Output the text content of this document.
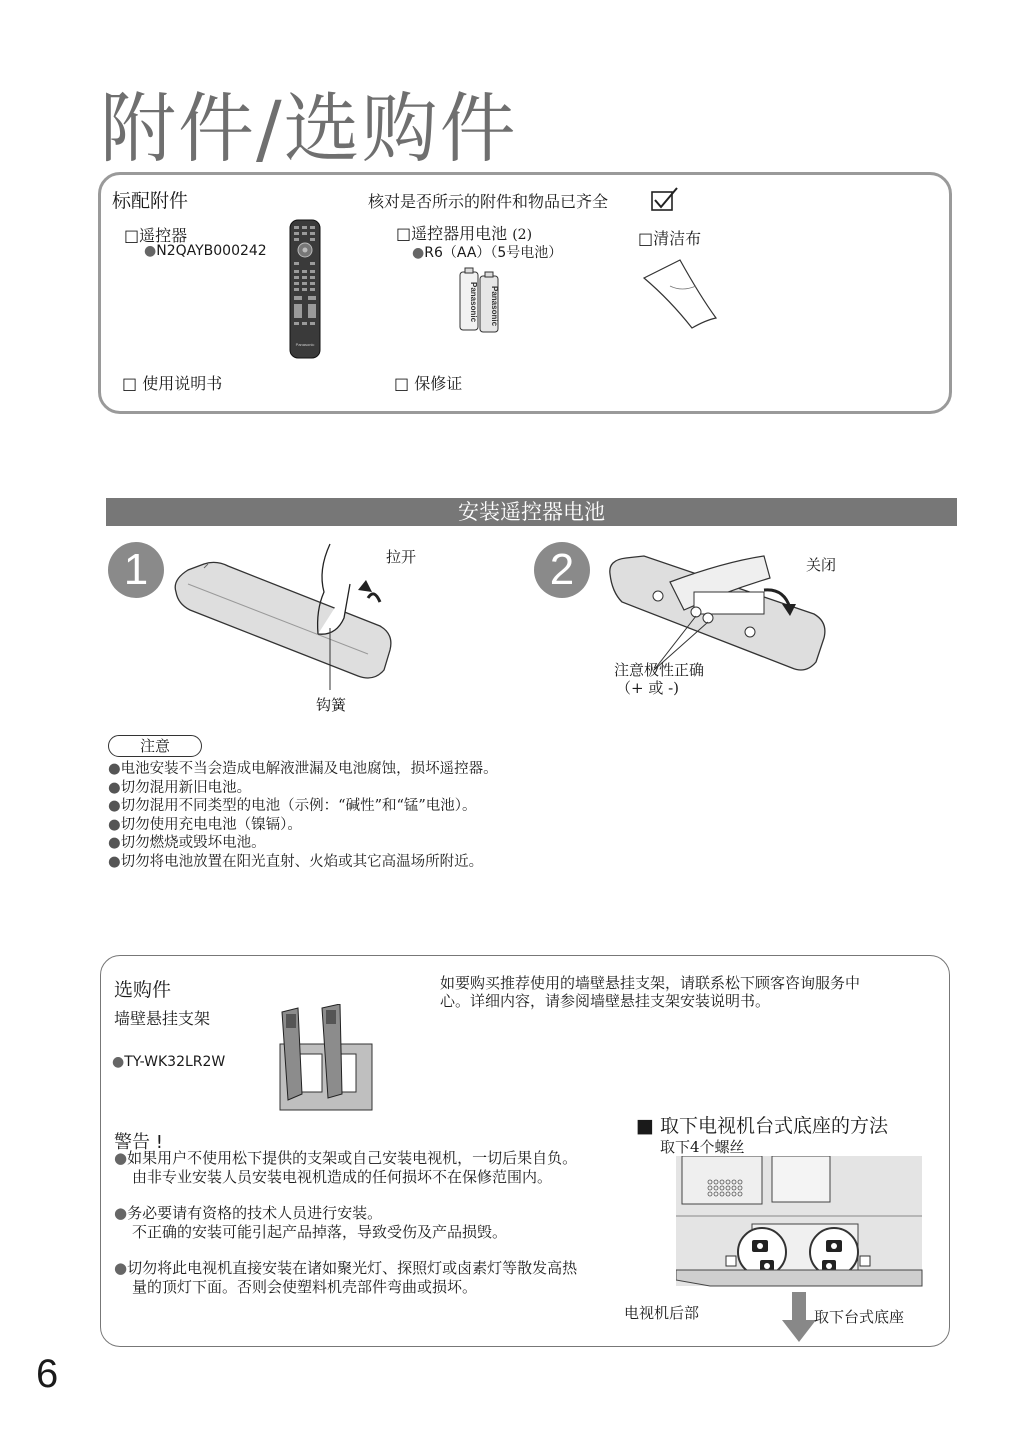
附件/选购件
标配附件	核对是否所示的附件和物品已齐全
□遥控器
●N2QAYB000242
Panasonic
□遥控器用电池 (2)
●R6（AA）（5号电池）
Panasonic Panasonic
□清洁布
□ 使用说明书	□ 保修证
安装遥控器电池
1	拉开
钩簧
2	关闭
注意极性正确
（+ 或 -)
注意
● 电池安装不当会造成电解液泄漏及电池腐蚀，损坏遥控器。
● 切勿混用新旧电池。
● 切勿混用不同类型的电池（示例：“碱性”和“锰”电池）。
● 切勿使用充电电池（镍镉）。
● 切勿燃烧或毁坏电池。
● 切勿将电池放置在阳光直射、火焰或其它高温场所附近。
选购件
墙壁悬挂支架
●TY-WK32LR2W
如要购买推荐使用的墙壁悬挂支架，请联系松下顾客咨询服务中
心。详细内容，请参阅墙壁悬挂支架安装说明书。
警告 !
●如果用户不使用松下提供的支架或自己安装电视机，一切后果自负。
由非专业安装人员安装电视机造成的任何损坏不在保修范围内。
●务必要请有资格的技术人员进行安装。
不正确的安装可能引起产品掉落，导致受伤及产品损毁。
●切勿将此电视机直接安装在诸如聚光灯、探照灯或卤素灯等散发高热
量的顶灯下面。否则会使塑料机壳部件弯曲或损坏。
■ 取下电视机台式底座的方法
取下4个螺丝
电视机后部	取下台式底座
6
